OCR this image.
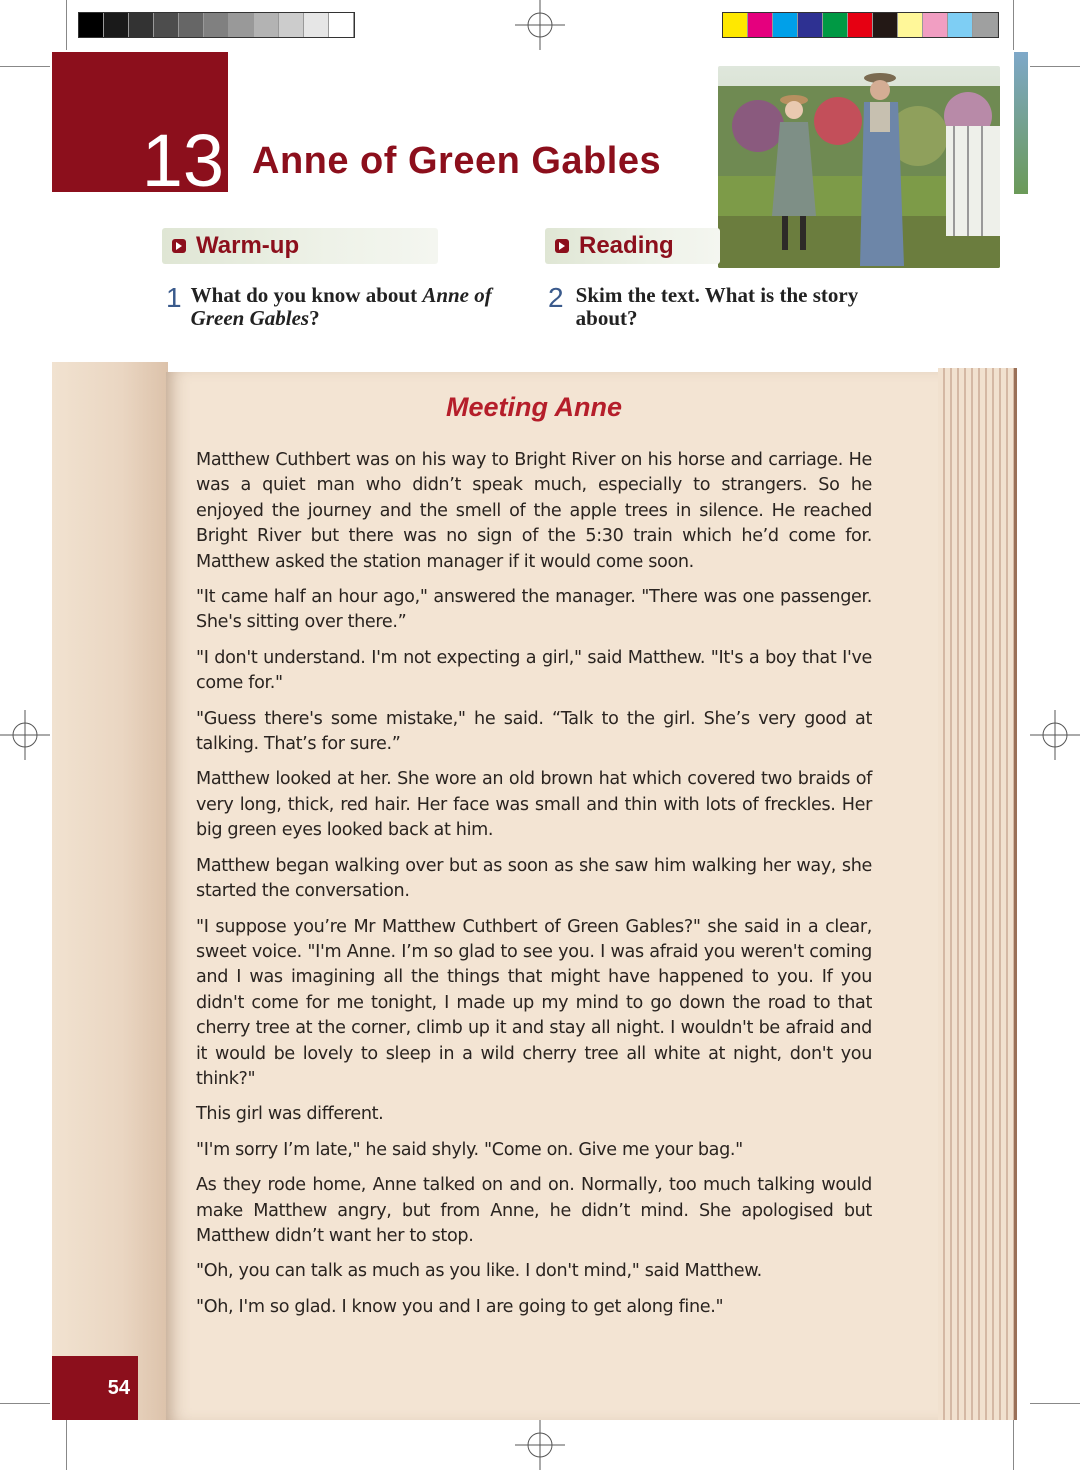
13 Anne of Green Gables
Warm-up	Reading
1 What do you know about Anne of Green Gables?
2 Skim the text. What is the story about?
54
Meeting Anne

Matthew Cuthbert was on his way to Bright River on his horse and carriage. He was a quiet man who didn’t speak much, especially to strangers. So he enjoyed the journey and the smell of the apple trees in silence. He reached Bright River but there was no sign of the 5:30 train which he’d come for. Matthew asked the station manager if it would come soon.

"It came half an hour ago," answered the manager. "There was one passenger. She's sitting over there.”

"I don't understand. I'm not expecting a girl," said Matthew. "It's a boy that I've come for."

"Guess there's some mistake," he said. “Talk to the girl. She’s very good at talking. That’s for sure.”

Matthew looked at her. She wore an old brown hat which covered two braids of very long, thick, red hair. Her face was small and thin with lots of freckles. Her big green eyes looked back at him.

Matthew began walking over but as soon as she saw him walking her way, she started the conversation.

"I suppose you’re Mr Matthew Cuthbert of Green Gables?" she said in a clear, sweet voice. "I'm Anne. I’m so glad to see you. I was afraid you weren't coming and I was imagining all the things that might have happened to you. If you didn't come for me tonight, I made up my mind to go down the road to that cherry tree at the corner, climb up it and stay all night. I wouldn't be afraid and it would be lovely to sleep in a wild cherry tree all white at night, don't you think?"

This girl was different.

"I'm sorry I’m late," he said shyly. "Come on. Give me your bag."

As they rode home, Anne talked on and on. Normally, too much talking would make Matthew angry, but from Anne, he didn’t mind. She apologised but Matthew didn’t want her to stop.

"Oh, you can talk as much as you like. I don't mind," said Matthew.

"Oh, I'm so glad. I know you and I are going to get along fine."
